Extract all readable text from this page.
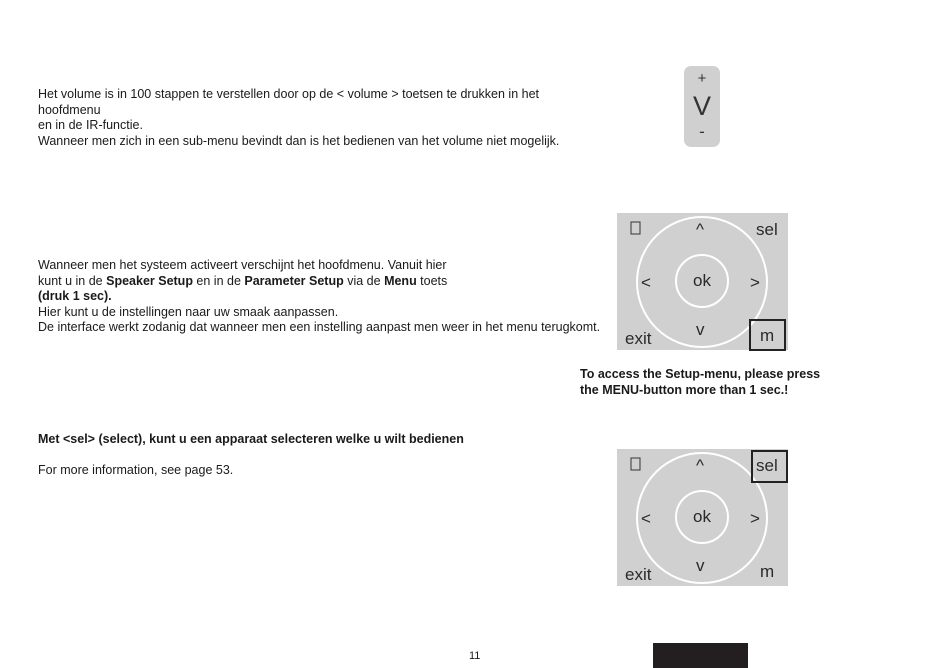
Het volume is in 100 stappen te verstellen door op de < volume > toetsen te drukken in het hoofdmenu
en in de IR-functie.
Wanneer men zich in een sub-menu bevindt dan is het bedienen van het volume niet mogelijk.

+
V
-

Wanneer men het systeem activeert verschijnt het hoofdmenu. Vanuit hier
kunt u in de Speaker Setup en in de Parameter Setup via de Menu toets
(druk 1 sec).
Hier kunt u de instellingen naar uw smaak aanpassen.
De interface werkt zodanig dat wanneer men een instelling aanpast men weer in het menu terugkomt.

sel
exit	m
ok
^
v
<	>

To access the Setup-menu, please press
the MENU-button more than 1 sec.!

Met <sel> (select), kunt u een apparaat selecteren welke u wilt bedienen

For more information, see page 53.	sel
exit	m
ok
^
v
<	>
11
